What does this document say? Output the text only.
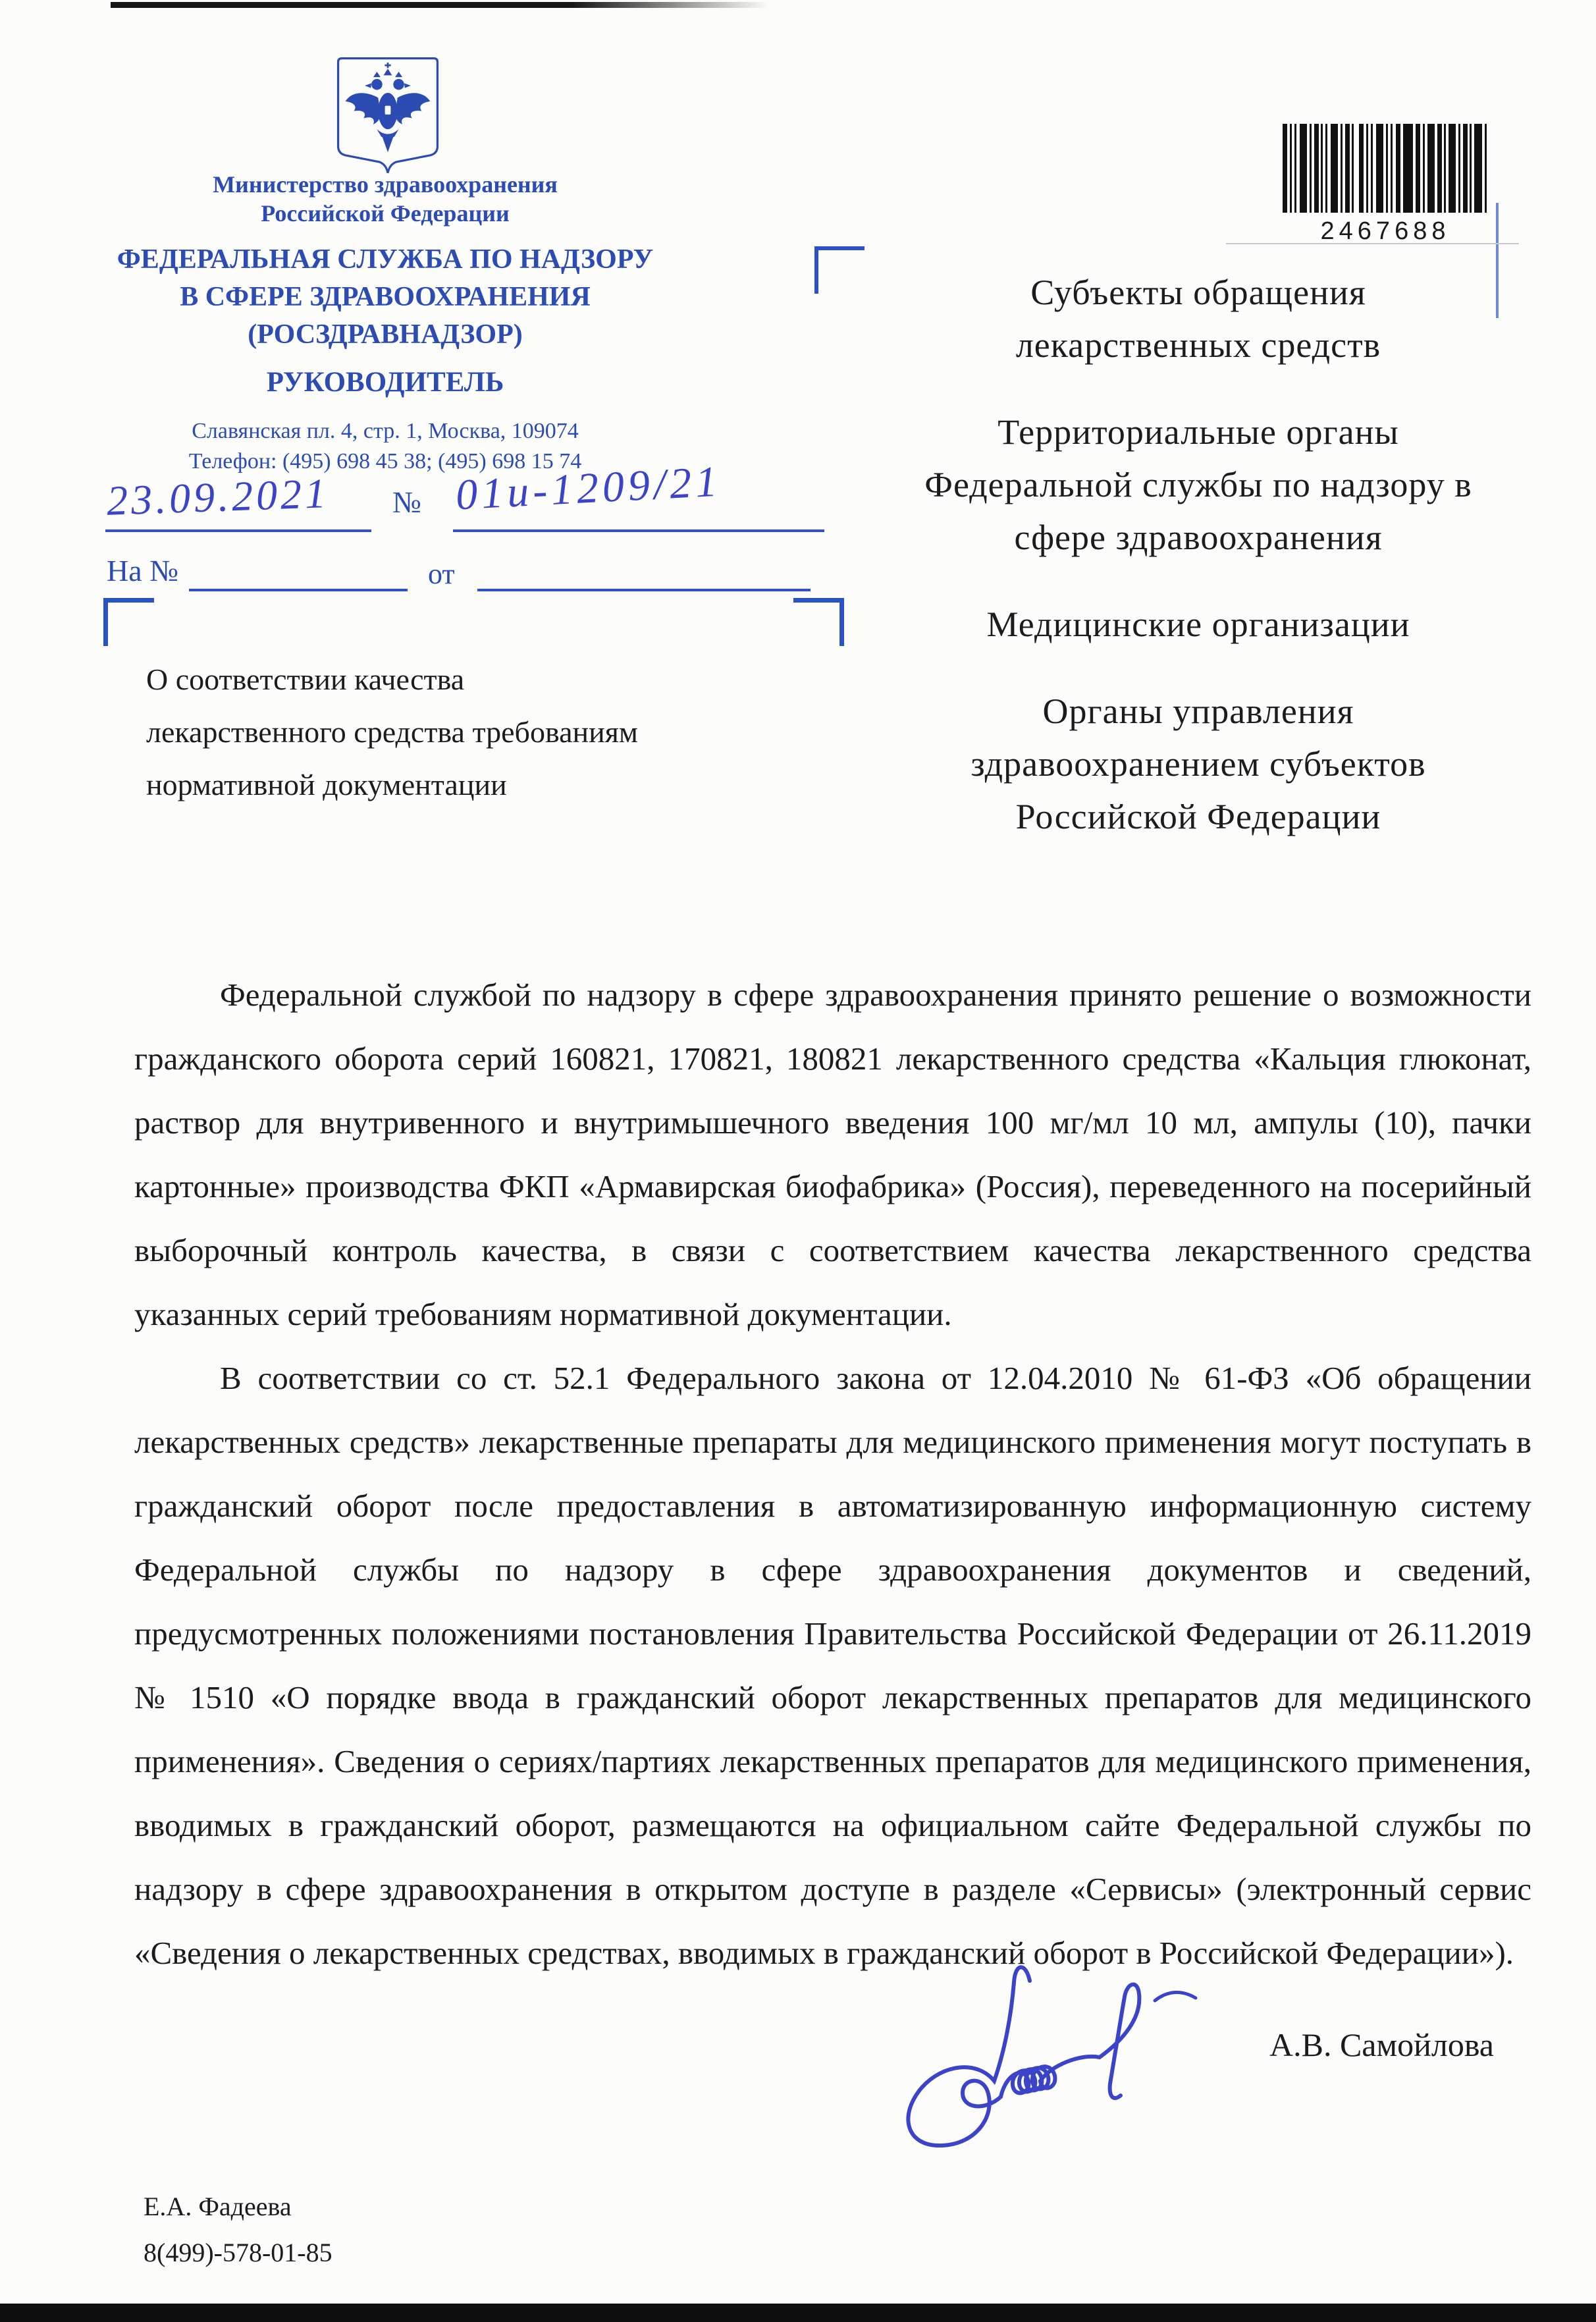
Министерство здравоохранения
Российской Федерации
ФЕДЕРАЛЬНАЯ СЛУЖБА ПО НАДЗОРУ
В СФЕРЕ ЗДРАВООХРАНЕНИЯ
(РОСЗДРАВНАДЗОР)
РУКОВОДИТЕЛЬ
Славянская пл. 4, стр. 1, Москва, 109074
Телефон: (495) 698 45 38; (495) 698 15 74
23.09.2021 № 01и-1209/21
На №	от
2467688
Субъекты обращения
лекарственных средств
Территориальные органы
Федеральной службы по надзору в
сфере здравоохранения
Медицинские организации
Органы управления
здравоохранением субъектов
Российской Федерации
О соответствии качества
лекарственного средства требованиям
нормативной документации

Федеральной службой по надзору в сфере здравоохранения принято решение о возможности гражданского оборота серий 160821, 170821, 180821 лекарственного средства «Кальция глюконат, раствор для внутривенного и внутримышечного введения 100 мг/мл 10 мл, ампулы (10), пачки картонные» производства ФКП «Армавирская биофабрика» (Россия), переведенного на посерийный выборочный контроль качества, в связи с соответствием качества лекарственного средства указанных серий требованиям нормативной документации.

В соответствии со ст. 52.1 Федерального закона от 12.04.2010 № 61-ФЗ «Об обращении лекарственных средств» лекарственные препараты для медицинского применения могут поступать в гражданский оборот после предоставления в автоматизированную информационную систему Федеральной службы по надзору в сфере здравоохранения документов и сведений, предусмотренных положениями постановления Правительства Российской Федерации от 26.11.2019 № 1510 «О порядке ввода в гражданский оборот лекарственных препаратов для медицинского применения». Сведения о сериях/​партиях лекарственных препаратов для медицинского применения, вводимых в гражданский оборот, размещаются на официальном сайте Федеральной службы по надзору в сфере здравоохранения в открытом доступе в разделе «Сервисы» (электронный сервис «Сведения о лекарственных средствах, вводимых в гражданский оборот в Российской Федерации»).

А.В. Самойлова
Е.А. Фадеева
8(499)-578-01-85
